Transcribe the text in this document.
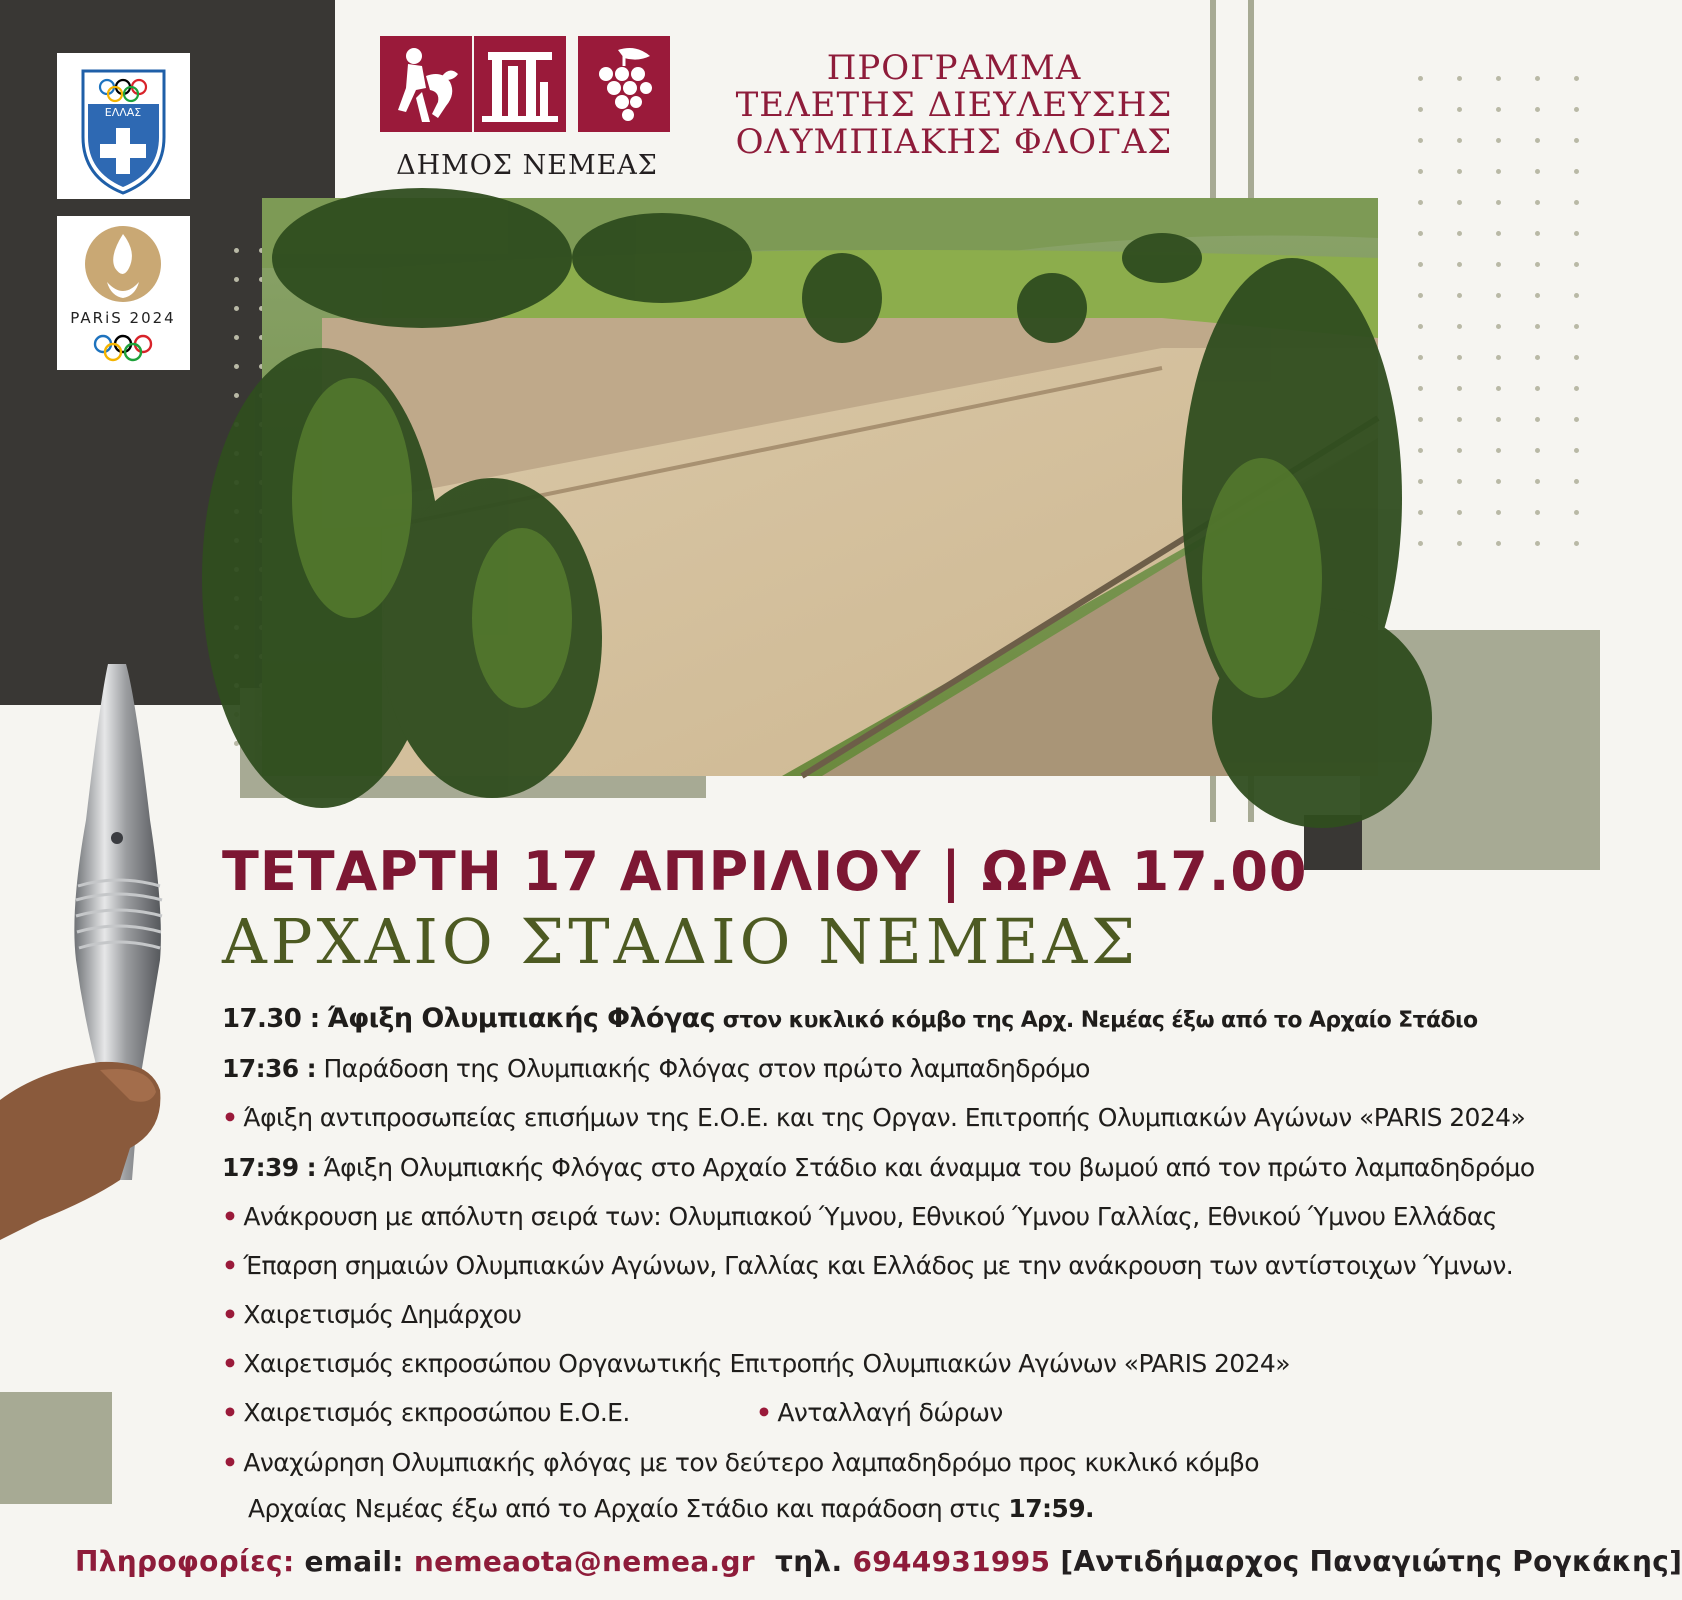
ΕΛΛΑΣ
PARiS 2024
ΔΗΜΟΣ ΝΕΜΕΑΣ
ΠΡΟΓΡΑΜΜΑ
ΤΕΛΕΤΗΣ ΔΙΕΥΛΕΥΣΗΣ
ΟΛΥΜΠΙΑΚΗΣ ΦΛΟΓΑΣ
ΤΕΤΑΡΤΗ 17 ΑΠΡΙΛΙΟΥ | ΩΡΑ 17.00
ΑΡΧΑΙΟ ΣΤΑΔΙΟ ΝΕΜΕΑΣ
17.30 : Άφιξη Ολυμπιακής Φλόγας στον κυκλικό κόμβο της Αρχ. Νεμέας έξω από το Αρχαίο Στάδιο
17:36 : Παράδοση της Ολυμπιακής Φλόγας στον πρώτο λαμπαδηδρόμο
• Άφιξη αντιπροσωπείας επισήμων της Ε.Ο.Ε. και της Οργαν. Επιτροπής Ολυμπιακών Αγώνων «PARIS 2024»
17:39 : Άφιξη Ολυμπιακής Φλόγας στο Αρχαίο Στάδιο και άναμμα του βωμού από τον πρώτο λαμπαδηδρόμο
• Ανάκρουση με απόλυτη σειρά των: Ολυμπιακού Ύμνου, Εθνικού Ύμνου Γαλλίας, Εθνικού Ύμνου Ελλάδας
• Έπαρση σημαιών Ολυμπιακών Αγώνων, Γαλλίας και Ελλάδος με την ανάκρουση των αντίστοιχων Ύμνων.
• Χαιρετισμός Δημάρχου
• Χαιρετισμός εκπροσώπου Οργανωτικής Επιτροπής Ολυμπιακών Αγώνων «PARIS 2024»
• Χαιρετισμός εκπροσώπου Ε.Ο.Ε.	• Ανταλλαγή δώρων
• Αναχώρηση Ολυμπιακής φλόγας με τον δεύτερο λαμπαδηδρόμο προς κυκλικό κόμβο
Αρχαίας Νεμέας έξω από το Αρχαίο Στάδιο και παράδοση στις 17:59.
Πληροφορίες: email: nemeaota@nemea.gr τηλ. 6944931995 [Αντιδήμαρχος Παναγιώτης Ρογκάκης]
